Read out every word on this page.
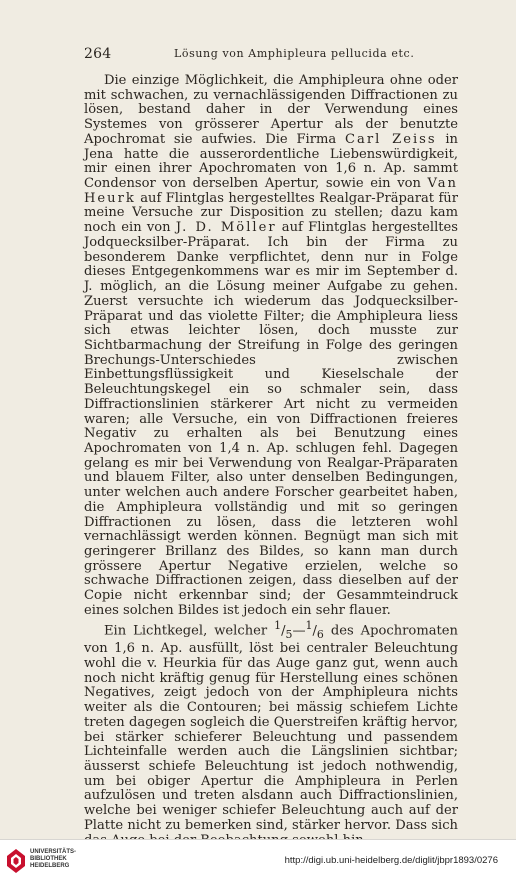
264	Lösung von Amphipleura pellucida etc.

Die einzige Möglichkeit, die Amphipleura ohne oder mit schwachen, zu vernachlässigenden Diffractionen zu lösen, bestand daher in der Verwendung eines Systemes von grösserer Apertur als der benutzte Apochromat sie aufwies. Die Firma Carl Zeiss in Jena hatte die ausserordentliche Liebenswürdigkeit, mir einen ihrer Apochromaten von 1,6 n. Ap. sammt Condensor von derselben Apertur, sowie ein von Van Heurk auf Flintglas hergestelltes Realgar-Präparat für meine Versuche zur Disposition zu stellen; dazu kam noch ein von J. D. Möller auf Flintglas hergestelltes Jodquecksilber-Präparat. Ich bin der Firma zu besonderem Danke verpflichtet, denn nur in Folge dieses Entgegenkommens war es mir im September d. J. möglich, an die Lösung meiner Aufgabe zu gehen. Zuerst versuchte ich wiederum das Jodquecksilber-Präparat und das violette Filter; die Amphipleura liess sich etwas leichter lösen, doch musste zur Sichtbarmachung der Streifung in Folge des geringen Brechungs-Unterschiedes zwischen Einbettungsflüssigkeit und Kieselschale der Beleuchtungskegel ein so schmaler sein, dass Diffractionslinien stärkerer Art nicht zu vermeiden waren; alle Versuche, ein von Diffractionen freieres Negativ zu erhalten als bei Benutzung eines Apochromaten von 1,4 n. Ap. schlugen fehl. Dagegen gelang es mir bei Verwendung von Realgar-Präparaten und blauem Filter, also unter denselben Bedingungen, unter welchen auch andere Forscher gearbeitet haben, die Amphipleura vollständig und mit so geringen Diffractionen zu lösen, dass die letzteren wohl vernachlässigt werden können. Begnügt man sich mit geringerer Brillanz des Bildes, so kann man durch grössere Apertur Negative erzielen, welche so schwache Diffractionen zeigen, dass dieselben auf der Copie nicht erkennbar sind; der Gesammteindruck eines solchen Bildes ist jedoch ein sehr flauer.

Ein Lichtkegel, welcher $^1/_5—^1/_6$ des Apochromaten von 1,6 n. Ap. ausfüllt, löst bei centraler Beleuchtung wohl die v. Heurkia für das Auge ganz gut, wenn auch noch nicht kräftig genug für Herstellung eines schönen Negatives, zeigt jedoch von der Amphipleura nichts weiter als die Contouren; bei mässig schiefem Lichte treten dagegen sogleich die Querstreifen kräftig hervor, bei stärker schieferer Beleuchtung und passendem Lichteinfalle werden auch die Längslinien sichtbar; äusserst schiefe Beleuchtung ist jedoch nothwendig, um bei obiger Apertur die Amphipleura in Perlen aufzulösen und treten alsdann auch Diffractionslinien, welche bei weniger schiefer Beleuchtung auch auf der Platte nicht zu bemerken sind, stärker hervor. Dass sich

UNIVERSITÄTS-
BIBLIOTHEK
HEIDELBERG	http://digi.ub.uni-heidelberg.de/diglit/jbpr1893/0276
